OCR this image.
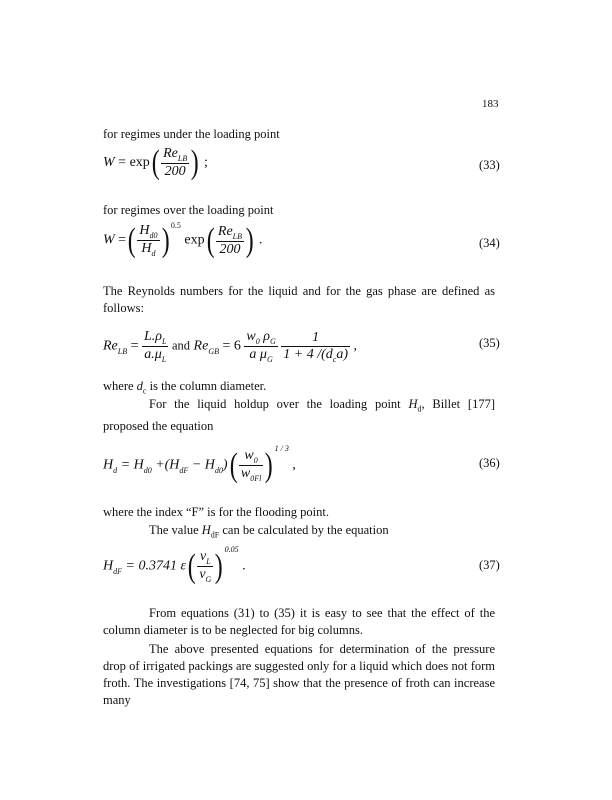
183
for regimes under the loading point
$W = \exp( \frac{Re_{LB}}{200}$ ) ;	(33)
for regimes over the loading point
W =( $\frac{H_{d0}}{H_d}$ ) $^{0.5}$ $\exp( \frac{Re_{LB}}{200}$ ) .	(34)
The Reynolds numbers for the liquid and for the gas phase are defined as follows:
$Re_{LB} = \frac{L.\rho_L}{a.\mu_L}$ and $Re_{GB} = 6 \frac{w_0 \rho_G}{a \mu_G}$
$\frac{1}{1 + 4 /(d_ca)}$ ,	(35)
where $d_c$ is the column diameter.
For the liquid holdup over the loading point $H_d$, Billet [177] proposed the equation
$H_d = H_{d0} +(H_{dF} - H_{d0})( \frac{w_0}{w_{0Fl}}$ ) $^{1 / 3}$ ,	(36)
where the index “F” is for the flooding point.
The value $H_{dF}$ can be calculated by the equation
$H_{dF} = 0.3741$ $\varepsilon( \frac{\nu_L}{\nu_G}$ ) $^{0.05}$ .	(37)
From equations (31) to (35) it is easy to see that the effect of the column diameter is to be neglected for big columns.
The above presented equations for determination of the pressure drop of irrigated packings are suggested only for a liquid which does not form froth. The investigations [74, 75] show that the presence of froth can increase many
